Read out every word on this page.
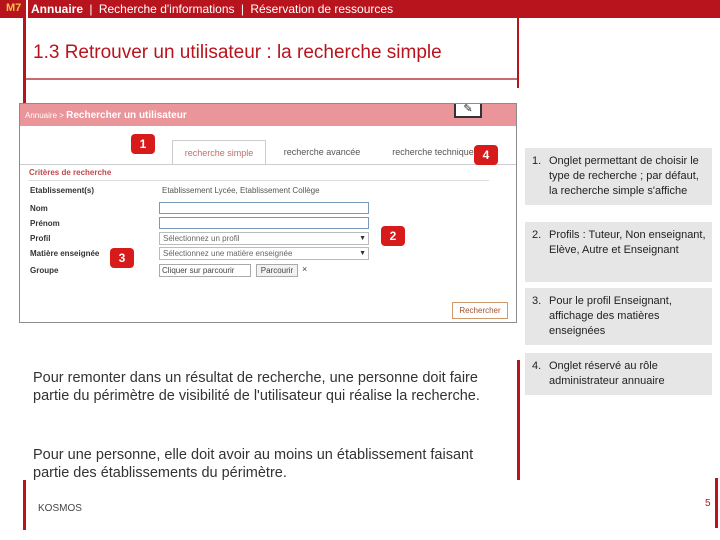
M7 Annuaire | Recherche d'informations | Réservation de ressources
1.3 Retrouver un utilisateur : la recherche simple
Annuaire > Rechercher un utilisateur
✎
recherche simple	recherche avancée	recherche technique
Critères de recherche
Etablissement(s)	Etablissement Lycée, Etablissement Collège
Nom
Prénom
Profil	Sélectionnez un profil	▼
Matière enseignée	Sélectionnez une matière enseignée	▼
Groupe	Cliquer sur parcourir	Parcourir ×
Rechercher
1
2
3
4	1. Onglet permettant de choisir le type de recherche ; par défaut, la recherche simple s'affiche
2. Profils : Tuteur, Non enseignant, Elève, Autre et Enseignant
3. Pour le profil Enseignant, affichage des matières enseignées
4. Onglet réservé au rôle administrateur annuaire
Pour remonter dans un résultat de recherche, une personne doit faire partie du périmètre de visibilité de l'utilisateur qui réalise la recherche.
Pour une personne, elle doit avoir au moins un établissement faisant partie des établissements du périmètre.
KOSMOS	5
